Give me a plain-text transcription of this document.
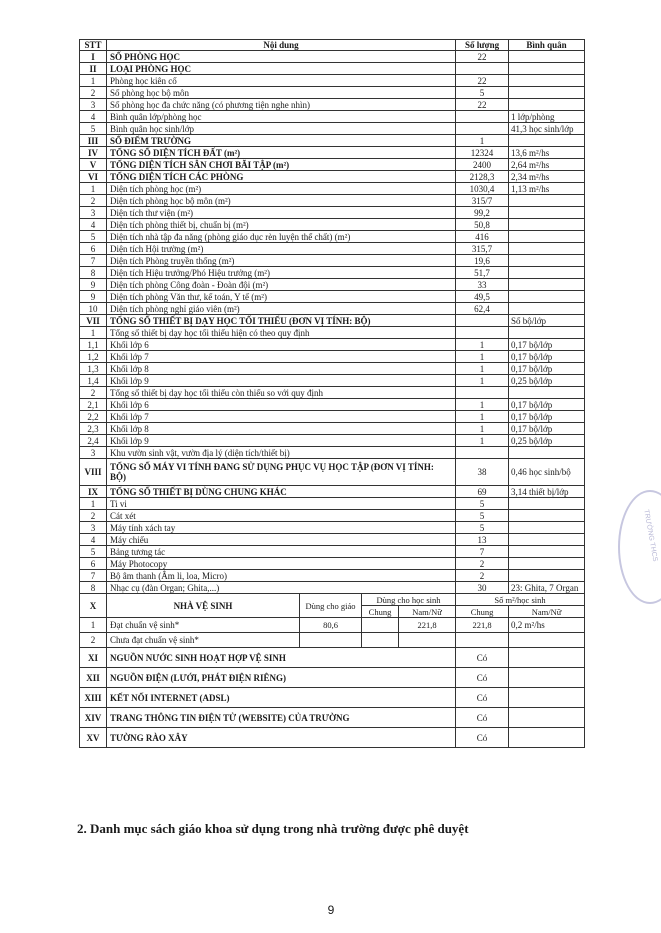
STT	Nội dung				Số lượng	Bình quân
I	SỐ PHÒNG HỌC				22	
II	LOẠI PHÒNG HỌC					
1	Phòng học kiên cố				22	
2	Số phòng học bộ môn				5	
3	Số phòng học đa chức năng (có phương tiện nghe nhìn)				22	
4	Bình quân lớp/phòng học					1 lớp/phòng
5	Bình quân học sinh/lớp					41,3 học sinh/lớp
III	SỐ ĐIỂM TRƯỜNG				1	
IV	TỔNG SỐ DIỆN TÍCH ĐẤT (m²)				12324	13,6 m²/hs
V	TỔNG DIỆN TÍCH SÂN CHƠI BÃI TẬP (m²)				2400	2,64 m²/hs
VI	TỔNG DIỆN TÍCH CÁC PHÒNG				2128,3	2,34 m²/hs
1	Diện tích phòng học (m²)				1030,4	1,13 m²/hs
2	Diện tích phòng học bộ môn (m²)				315/7	
3	Diện tích thư viện (m²)				99,2	
4	Diện tích phòng thiết bị, chuẩn bị (m²)				50,8	
5	Diện tích nhà tập đa năng (phòng giáo dục rèn luyện thể chất) (m²)				416	
6	Diện tích Hội trường (m²)				315,7	
7	Diện tích Phòng truyền thống (m²)				19,6	
8	Diện tích Hiệu trưởng/Phó Hiệu trưởng (m²)				51,7	
9	Diện tích phòng Công đoàn - Đoàn đội (m²)				33	
9	Diện tích phòng Văn thư, kế toán, Y tế (m²)				49,5	
10	Diện tích phòng nghỉ giáo viên (m²)				62,4	
VII	TỔNG SỐ THIẾT BỊ DẠY HỌC TỐI THIỂU (ĐƠN VỊ TÍNH: BỘ)					Số bộ/lớp
1	Tổng số thiết bị dạy học tối thiểu hiện có theo quy định					
1,1	Khối lớp 6				1	0,17 bộ/lớp
1,2	Khối lớp 7				1	0,17 bộ/lớp
1,3	Khối lớp 8				1	0,17 bộ/lớp
1,4	Khối lớp 9				1	0,25 bộ/lớp
2	Tổng số thiết bị dạy học tối thiểu còn thiếu so với quy định					
2,1	Khối lớp 6				1	0,17 bộ/lớp
2,2	Khối lớp 7				1	0,17 bộ/lớp
2,3	Khối lớp 8				1	0,17 bộ/lớp
2,4	Khối lớp 9				1	0,25 bộ/lớp
3	Khu vườn sinh vật, vườn địa lý (diện tích/thiết bị)					
VIII	TỔNG SỐ MÁY VI TÍNH ĐANG SỬ DỤNG PHỤC VỤ HỌC TẬP (ĐƠN VỊ TÍNH: BỘ)				38	0,46 học sinh/bộ
IX	TỔNG SỐ THIẾT BỊ DÙNG CHUNG KHÁC				69	3,14 thiết bị/lớp
1	Ti vi				5	
2	Cát xét				5	
3	Máy tính xách tay				5	
4	Máy chiếu				13	
5	Bảng tương tác				7	
6	Máy Photocopy				2	
7	Bộ âm thanh (Âm li, loa, Micro)				2	
8	Nhạc cụ (đàn Organ; Ghita,...)				30	23: Ghita, 7 Organ
X	NHÀ VỆ SINH	Dùng cho giáo	Dùng cho học sinh		Số m²/học sinh	
			Chung	Nam/Nữ	Chung	Nam/Nữ
1	Đạt chuẩn vệ sinh*	80,6		221,8	221,8	0,2 m²/hs
2	Chưa đạt chuẩn vệ sinh*					
XI	NGUỒN NƯỚC SINH HOẠT HỢP VỆ SINH				Có	
XII	NGUỒN ĐIỆN (LƯỚI, PHÁT ĐIỆN RIÊNG)				Có	
XIII	KẾT NỐI INTERNET (ADSL)				Có	
XIV	TRANG THÔNG TIN ĐIỆN TỬ (WEBSITE) CỦA TRƯỜNG				Có	
XV	TƯỜNG RÀO XÂY				Có	
2. Danh mục sách giáo khoa sử dụng trong nhà trường được phê duyệt
9
TRƯỜNG THCS
